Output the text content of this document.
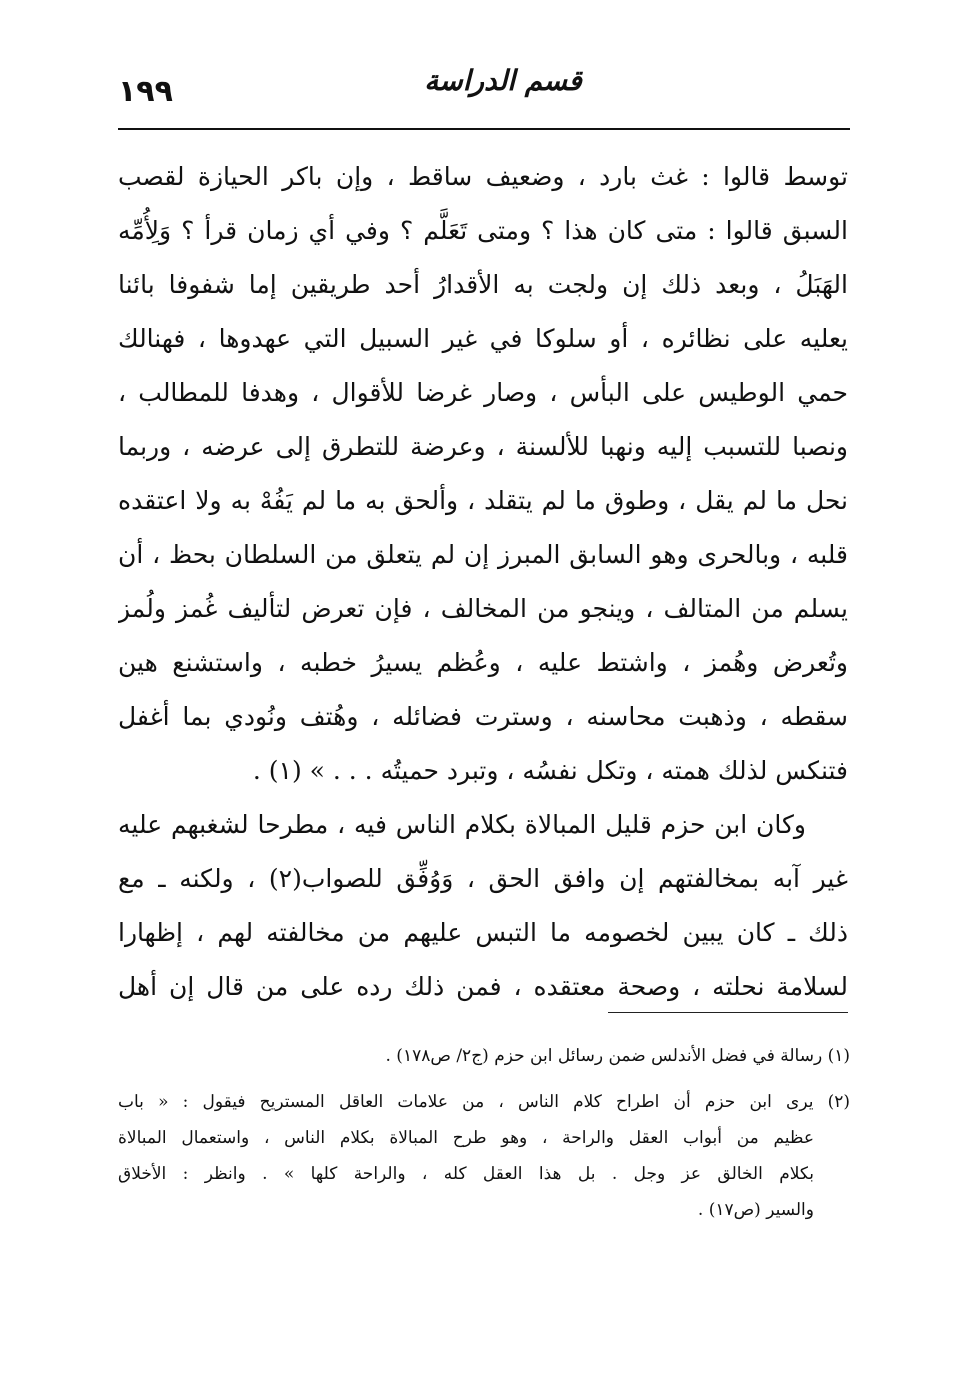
١٩٩	قسم الدراسة
توسط قالوا : غث بارد ، وضعيف ساقط ، وإن باكر الحيازة لقصب
السبق قالوا : متى كان هذا ؟ ومتى تَعَلَّم ؟ وفي أي زمان قرأ ؟ وَلِأُمِّه
الهَبَلُ ، وبعد ذلك إن ولجت به الأقدارُ أحد طريقين إما شفوفا بائنا
يعليه على نظائره ، أو سلوكا في غير السبيل التي عهدوها ، فهنالك
حمي الوطيس على البأس ، وصار غرضا للأقوال ، وهدفا للمطالب ،
ونصبا للتسبب إليه ونهبا للألسنة ، وعرضة للتطرق إلى عرضه ، وربما
نحل ما لم يقل ، وطوق ما لم يتقلد ، وألحق به ما لم يَفُهْ به ولا اعتقده
قلبه ، وبالحرى وهو السابق المبرز إن لم يتعلق من السلطان بحظ ، أن
يسلم من المتالف ، وينجو من المخالف ، فإن تعرض لتأليف غُمز ولُمز
وتُعرض وهُمز ، واشتط عليه ، وعُظم يسيرُ خطبه ، واستشنع هين
سقطه ، وذهبت محاسنه ، وسترت فضائله ، وهُتف ونُودي بما أغفل
فتنكس لذلك همته ، وتكل نفسُه ، وتبرد حميتُه . . . » (١) .
وكان ابن حزم قليل المبالاة بكلام الناس فيه ، مطرحا لشغبهم عليه
غير آبه بمخالفتهم إن وافق الحق ، وَوُفِّق للصواب(٢) ، ولكنه ـ مع
ذلك ـ كان يبين لخصومه ما التبس عليهم من مخالفته لهم ، إظهارا
لسلامة نحلته ، وصحة معتقده ، فمن ذلك رده على من قال إن أهل
(١) رسالة في فضل الأندلس ضمن رسائل ابن حزم (ج٢/ ص١٧٨) .
(٢) يرى ابن حزم أن اطراح كلام الناس ، من علامات العاقل المستريح فيقول : « باب
عظيم من أبواب العقل والراحة ، وهو طرح المبالاة بكلام الناس ، واستعمال المبالاة
بكلام الخالق عز وجل . بل هذا العقل كله ، والراحة كلها » . وانظر : الأخلاق
والسير (ص١٧) .
